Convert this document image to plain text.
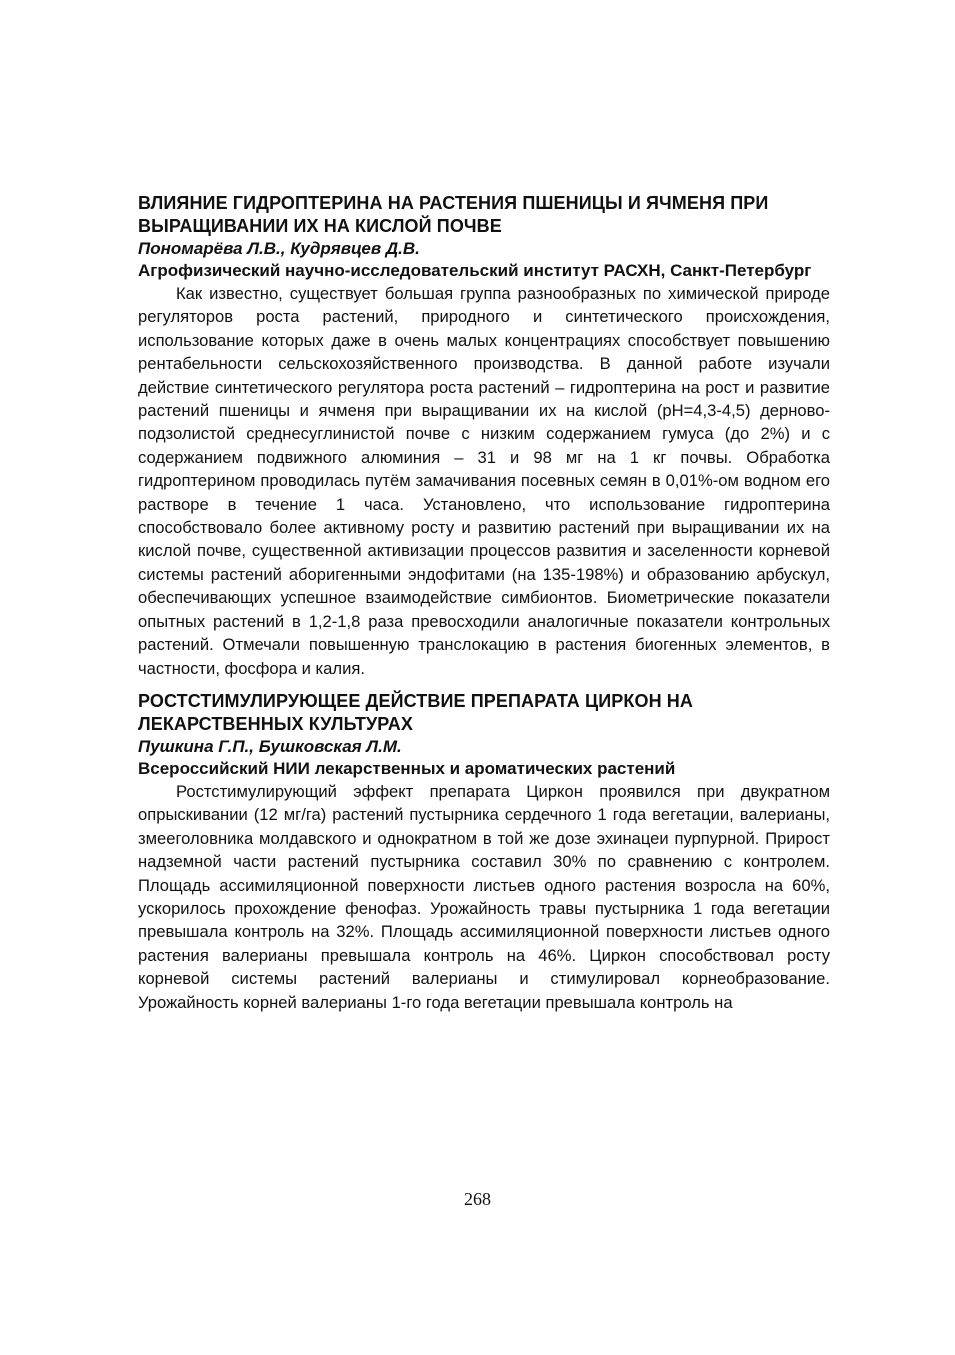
ВЛИЯНИЕ ГИДРОПТЕРИНА НА РАСТЕНИЯ ПШЕНИЦЫ И ЯЧМЕНЯ ПРИ ВЫРАЩИВАНИИ ИХ НА КИСЛОЙ ПОЧВЕ

Пономарёва Л.В., Кудрявцев Д.В.

Агрофизический научно-исследовательский институт РАСХН, Санкт-Петербург

Как известно, существует большая группа разнообразных по химической природе регуляторов роста растений, природного и синтетического происхождения, использование которых даже в очень малых концентрациях способствует повышению рентабельности сельскохозяйственного производства. В данной работе изучали действие синтетического регулятора роста растений – гидроптерина на рост и развитие растений пшеницы и ячменя при выращивании их на кислой (pH=4,3-4,5) дерново-подзолистой среднесуглинистой почве с низким содержанием гумуса (до 2%) и с содержанием подвижного алюминия – 31 и 98 мг на 1 кг почвы. Обработка гидроптерином проводилась путём замачивания посевных семян в 0,01%-ом водном его растворе в течение 1 часа. Установлено, что использование гидроптерина способствовало более активному росту и развитию растений при выращивании их на кислой почве, существенной активизации процессов развития и заселенности корневой системы растений аборигенными эндофитами (на 135-198%) и образованию арбускул, обеспечивающих успешное взаимодействие симбионтов. Биометрические показатели опытных растений в 1,2-1,8 раза превосходили аналогичные показатели контрольных растений. Отмечали повышенную транслокацию в растения биогенных элементов, в частности, фосфора и калия.

РОСТСТИМУЛИРУЮЩЕЕ ДЕЙСТВИЕ ПРЕПАРАТА ЦИРКОН НА ЛЕКАРСТВЕННЫХ КУЛЬТУРАХ

Пушкина Г.П., Бушковская Л.М.

Всероссийский НИИ лекарственных и ароматических растений

Ростстимулирующий эффект препарата Циркон проявился при двукратном опрыскивании (12 мг/га) растений пустырника сердечного 1 года вегетации, валерианы, змееголовника молдавского и однократном в той же дозе эхинацеи пурпурной. Прирост надземной части растений пустырника составил 30% по сравнению с контролем. Площадь ассимиляционной поверхности листьев одного растения возросла на 60%, ускорилось прохождение фенофаз. Урожайность травы пустырника 1 года вегетации превышала контроль на 32%. Площадь ассимиляционной поверхности листьев одного растения валерианы превышала контроль на 46%. Циркон способствовал росту корневой системы растений валерианы и стимулировал корнеобразование. Урожайность корней валерианы 1-го года вегетации превышала контроль на

268
